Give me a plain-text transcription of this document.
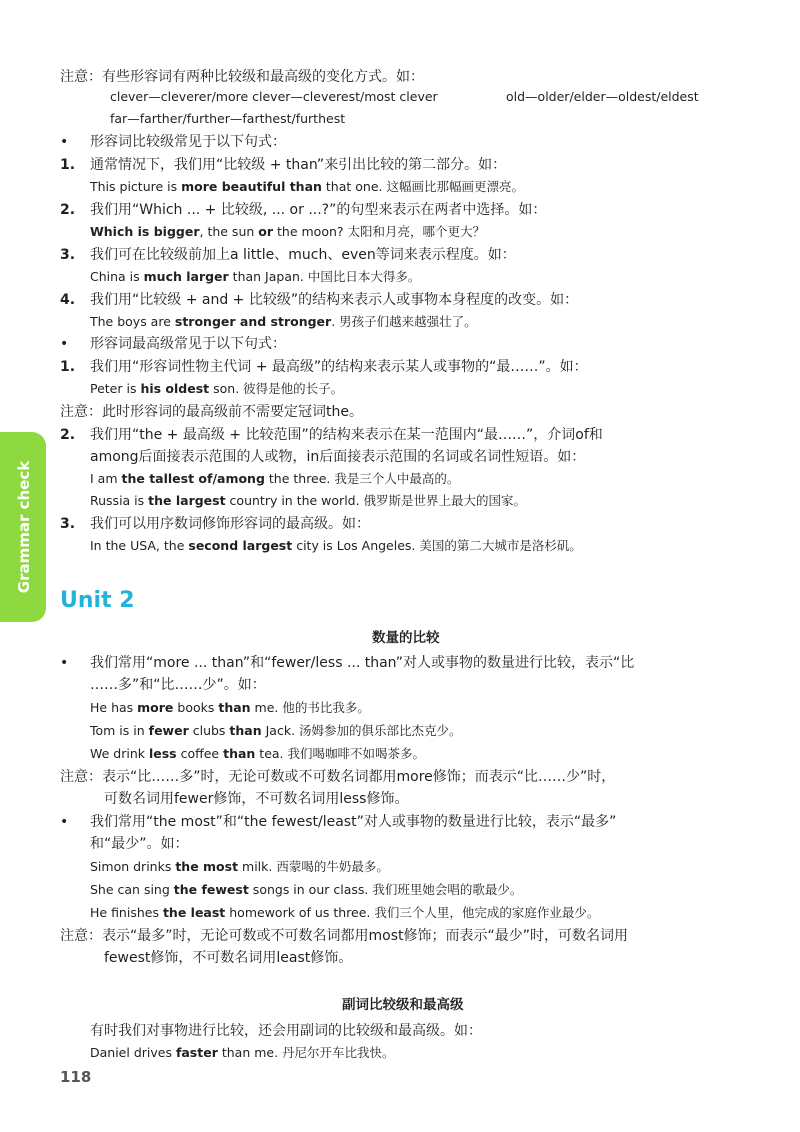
Grammar check
注意：有些形容词有两种比较级和最高级的变化方式。如：
clever—cleverer/more clever—cleverest/most clever	old—older/elder—oldest/eldest
far—farther/further—farthest/furthest
• 形容词比较级常见于以下句式：
1. 通常情况下，我们用“比较级 + than”来引出比较的第二部分。如：
This picture is more beautiful than that one. 这幅画比那幅画更漂亮。
2. 我们用“Which ... + 比较级, ... or ...?”的句型来表示在两者中选择。如：
Which is bigger, the sun or the moon? 太阳和月亮，哪个更大？
3. 我们可在比较级前加上a little、much、even等词来表示程度。如：
China is much larger than Japan. 中国比日本大得多。
4. 我们用“比较级 + and + 比较级”的结构来表示人或事物本身程度的改变。如：
The boys are stronger and stronger. 男孩子们越来越强壮了。
• 形容词最高级常见于以下句式：
1. 我们用“形容词性物主代词 + 最高级”的结构来表示某人或事物的“最……”。如：
Peter is his oldest son. 彼得是他的长子。
注意：此时形容词的最高级前不需要定冠词the。
2. 我们用“the + 最高级 + 比较范围”的结构来表示在某一范围内“最……”，介词of和
among后面接表示范围的人或物，in后面接表示范围的名词或名词性短语。如：
I am the tallest of/among the three. 我是三个人中最高的。
Russia is the largest country in the world. 俄罗斯是世界上最大的国家。
3. 我们可以用序数词修饰形容词的最高级。如：
In the USA, the second largest city is Los Angeles. 美国的第二大城市是洛杉矶。
Unit 2
数量的比较
• 我们常用“more ... than”和“fewer/less ... than”对人或事物的数量进行比较，表示“比
……多”和“比……少”。如：
He has more books than me. 他的书比我多。
Tom is in fewer clubs than Jack. 汤姆参加的俱乐部比杰克少。
We drink less coffee than tea. 我们喝咖啡不如喝茶多。
注意：表示“比……多”时，无论可数或不可数名词都用more修饰；而表示“比……少”时，
可数名词用fewer修饰，不可数名词用less修饰。
• 我们常用“the most”和“the fewest/least”对人或事物的数量进行比较，表示“最多”
和“最少”。如：
Simon drinks the most milk. 西蒙喝的牛奶最多。
She can sing the fewest songs in our class. 我们班里她会唱的歌最少。
He finishes the least homework of us three. 我们三个人里，他完成的家庭作业最少。
注意：表示“最多”时，无论可数或不可数名词都用most修饰；而表示“最少”时，可数名词用
fewest修饰，不可数名词用least修饰。
副词比较级和最高级
有时我们对事物进行比较，还会用副词的比较级和最高级。如：
Daniel drives faster than me. 丹尼尔开车比我快。
118
